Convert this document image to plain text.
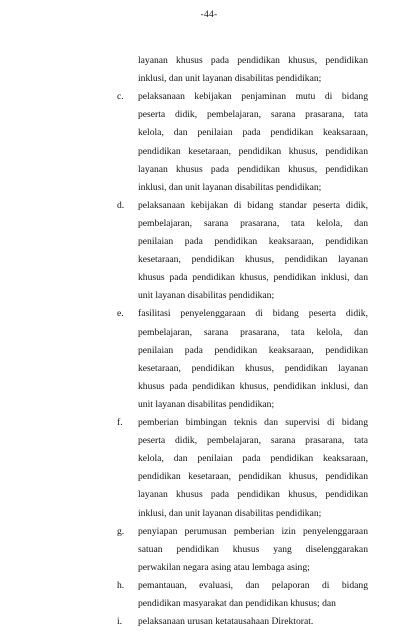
-44-
layanan khusus pada pendidikan khusus, pendidikan
inklusi, dan unit layanan disabilitas pendidikan;
c. pelaksanaan kebijakan penjaminan mutu di bidang
peserta didik, pembelajaran, sarana prasarana, tata
kelola, dan penilaian pada pendidikan keaksaraan,
pendidikan kesetaraan, pendidikan khusus, pendidikan
layanan khusus pada pendidikan khusus, pendidikan
inklusi, dan unit layanan disabilitas pendidikan;
d. pelaksanaan kebijakan di bidang standar peserta didik,
pembelajaran, sarana prasarana, tata kelola, dan
penilaian pada pendidikan keaksaraan, pendidikan
kesetaraan, pendidikan khusus, pendidikan layanan
khusus pada pendidikan khusus, pendidikan inklusi, dan
unit layanan disabilitas pendidikan;
e. fasilitasi penyelenggaraan di bidang peserta didik,
pembelajaran, sarana prasarana, tata kelola, dan
penilaian pada pendidikan keaksaraan, pendidikan
kesetaraan, pendidikan khusus, pendidikan layanan
khusus pada pendidikan khusus, pendidikan inklusi, dan
unit layanan disabilitas pendidikan;
f. pemberian bimbingan teknis dan supervisi di bidang
peserta didik, pembelajaran, sarana prasarana, tata
kelola, dan penilaian pada pendidikan keaksaraan,
pendidikan kesetaraan, pendidikan khusus, pendidikan
layanan khusus pada pendidikan khusus, pendidikan
inklusi, dan unit layanan disabilitas pendidikan;
g. penyiapan perumusan pemberian izin penyelenggaraan
satuan pendidikan khusus yang diselenggarakan
perwakilan negara asing atau lembaga asing;
h. pemantauan, evaluasi, dan pelaporan di bidang
pendidikan masyarakat dan pendidikan khusus; dan
i. pelaksanaan urusan ketatausahaan Direktorat.
